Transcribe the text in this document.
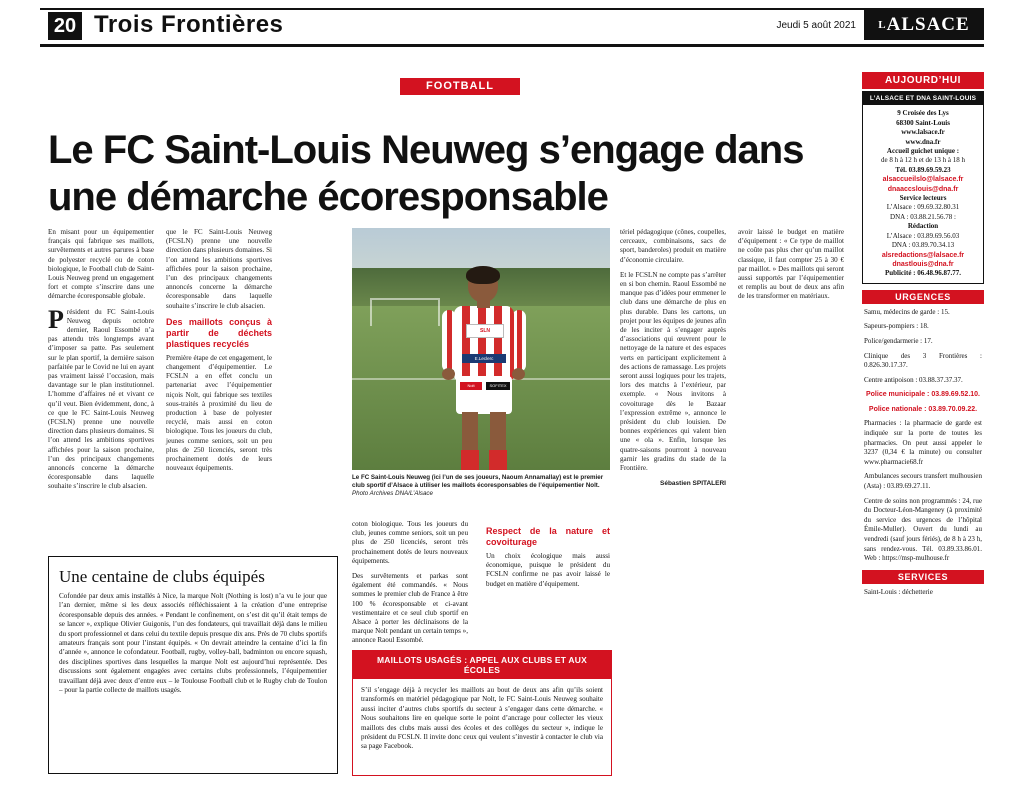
20 Trois Frontières	Jeudi 5 août 2021	$^L$ALSACE
FOOTBALL
Le FC Saint-Louis Neuweg s’engage dans une démarche écoresponsable

En misant pour un équipementier français qui fabrique ses maillots, survêtements et autres parures à base de polyester recyclé ou de coton biologique, le Football club de Saint-Louis Neuweg prend un engagement fort et compte s’inscrire dans une démarche écoresponsable globale.

Président du FC Saint-Louis Neuweg depuis octobre dernier, Raoul Essombé n’a pas attendu très longtemps avant d’imposer sa patte. Pas seulement sur le plan sportif, la dernière saison parfaitée par le Covid ne lui en ayant pas vraiment laissé l’occasion, mais davantage sur le plan institutionnel. L’homme d’affaires né et vivant ce qu’il veut. Bien évidemment, donc, à ce que le FC Saint-Louis Neuweg (FCSLN) prenne une nouvelle direction dans plusieurs domaines. Si l’on attend les ambitions sportives affichées pour la saison prochaine, l’un des principaux changements annoncés concerne la démarche écoresponsable dans laquelle souhaite s’inscrire le club alsacien.

que le FC Saint-Louis Neuweg (FCSLN) prenne une nouvelle direction dans plusieurs domaines. Si l’on attend les ambitions sportives affichées pour la saison prochaine, l’un des principaux changements annoncés concerne la démarche écoresponsable dans laquelle souhaite s’inscrire le club alsacien.

Des maillots conçus à partir de déchets plastiques recyclés

Première étape de cet engagement, le changement d’équipementier. Le FCSLN a en effet conclu un partenariat avec l’équipementier niçois Nolt, qui fabrique ses textiles sous-traités à proximité du lieu de production à base de polyester recyclé, mais aussi en coton biologique. Tous les joueurs du club, jeunes comme seniors, soit un peu plus de 250 licenciés, seront très prochainement dotés de leurs nouveaux équipements.

SLN
E.Leclerc
Nolt	SOFITEX
Le FC Saint-Louis Neuweg (ici l’un de ses joueurs, Naoum Annamallay) est le premier club sportif d’Alsace à utiliser les maillots écoresponsables de l’équipementier Nolt. Photo Archives DNA/L’Alsace

coton biologique. Tous les joueurs du club, jeunes comme seniors, soit un peu plus de 250 licenciés, seront très prochainement dotés de leurs nouveaux équipements.

Des survêtements et parkas sont également été commandés. « Nous sommes le premier club de France à être 100 % écoresponsable et ci-avant vestimentaire et ce seul club sportif en Alsace à porter les déclinaisons de la marque Nolt pendant un certain temps », annonce Raoul Essombé.

Respect de la nature et covoiturage

Un choix écologique mais aussi économique, puisque le président du FCSLN confirme ne pas avoir laissé le budget en matière d’équipement.

tériel pédagogique (cônes, coupelles, cerceaux, combinaisons, sacs de sport, banderoles) produit en matière d’économie circulaire.

Et le FCSLN ne compte pas s’arrêter en si bon chemin. Raoul Essombé ne manque pas d’idées pour emmener le club dans une démarche de plus en plus durable. Dans les cartons, un projet pour les équipes de jeunes afin de les inciter à s’engager auprès d’associations qui œuvrent pour le nettoyage de la nature et des espaces verts en participant explicitement à des actions de ramassage. Les projets seront aussi logiques pour les trajets, lors des matchs à l’extérieur, par exemple. « Nous invitons à covoiturage dès le Bazaar l’expression extrême », annonce le président du club louisien. De bonnes expériences qui valent bien une « ola ». Enfin, lorsque les quatre-saisons pourront à nouveau garnir les gradins du stade de la Frontière.

Sébastien SPITALERI

avoir laissé le budget en matière d’équipement : « Ce type de maillot ne coûte pas plus cher qu’un maillot classique, il faut compter 25 à 30 € par maillot. » Des maillots qui seront aussi supportés par l’équipementier et remplis au bout de deux ans afin de les transformer en matériaux.

Une centaine de clubs équipés

Cofondée par deux amis installés à Nice, la marque Nolt (Nothing is lost) n’a vu le jour que l’an dernier, même si les deux associés réfléchissaient à la création d’une entreprise écoresponsable depuis des années. « Pendant le confinement, on s’est dit qu’il était temps de se lancer », explique Olivier Guigonis, l’un des fondateurs, qui travaillait déjà dans le milieu du sport professionnel et dans celui du textile depuis presque dix ans. Près de 70 clubs sportifs amateurs français sont pour l’instant équipés. « On devrait atteindre la centaine d’ici la fin d’année », annonce le cofondateur. Football, rugby, volley-ball, badminton ou encore squash, des disciplines sportives dans lesquelles la marque Nolt est aujourd’hui représentée. Des discussions sont également engagées avec certains clubs professionnels, l’équipementier travaillant déjà avec deux d’entre eux – le Toulouse Football club et le Rugby club de Toulon – pour la partie collecte de maillots usagés.

MAILLOTS USAGÉS : APPEL AUX CLUBS ET AUX ÉCOLES
S’il s’engage déjà à recycler les maillots au bout de deux ans afin qu’ils soient transformés en matériel pédagogique par Nolt, le FC Saint-Louis Neuweg souhaite aussi inciter d’autres clubs sportifs du secteur à s’engager dans cette démarche. « Nous souhaitons lire en quelque sorte le point d’ancrage pour collecter les vieux maillots des clubs mais aussi des écoles et des collèges du secteur », indique le président du FCSLN. Il invite donc ceux qui veulent s’investir à contacter le club via sa page Facebook.
AUJOURD’HUI
L’ALSACE ET DNA SAINT-LOUIS
9 Croisée des Lys
68300 Saint-Louis
www.lalsace.fr
www.dna.fr
Accueil guichet unique :
de 8 h à 12 h et de 13 h à 18 h
Tél. 03.89.69.59.23
alsaccueilslo@lalsace.fr
dnaaccslouis@dna.fr
Service lecteurs
L’Alsace : 09.69.32.80.31
DNA : 03.88.21.56.78 :
Rédaction
L’Alsace : 03.89.69.56.03
DNA : 03.89.70.34.13
alsredactions@lalsace.fr
dnastlouis@dna.fr
Publicité : 06.48.96.87.77.
URGENCES

Samu, médecins de garde : 15.

Sapeurs-pompiers : 18.

Police/gendarmerie : 17.

Clinique des 3 Frontières : 0.826.30.17.37.

Centre antipoison : 03.88.37.37.37.

Police municipale : 03.89.69.52.10.

Police nationale : 03.89.70.09.22.

Pharmacies : la pharmacie de garde est indiquée sur la porte de toutes les pharmacies. On peut aussi appeler le 3237 (0,34 € la minute) ou consulter www.pharmacie68.fr

Ambulances secours transfert mulhousien (Asta) : 03.89.69.27.11.

Centre de soins non programmés : 24, rue du Docteur-Léon-Mangeney (à proximité du service des urgences de l’hôpital Émile-Muller). Ouvert du lundi au vendredi (sauf jours fériés), de 8 h à 23 h, sans rendez-vous. Tél. 03.89.33.86.01. Web : https://msp-mulhouse.fr

SERVICES

Saint-Louis : déchetterie
